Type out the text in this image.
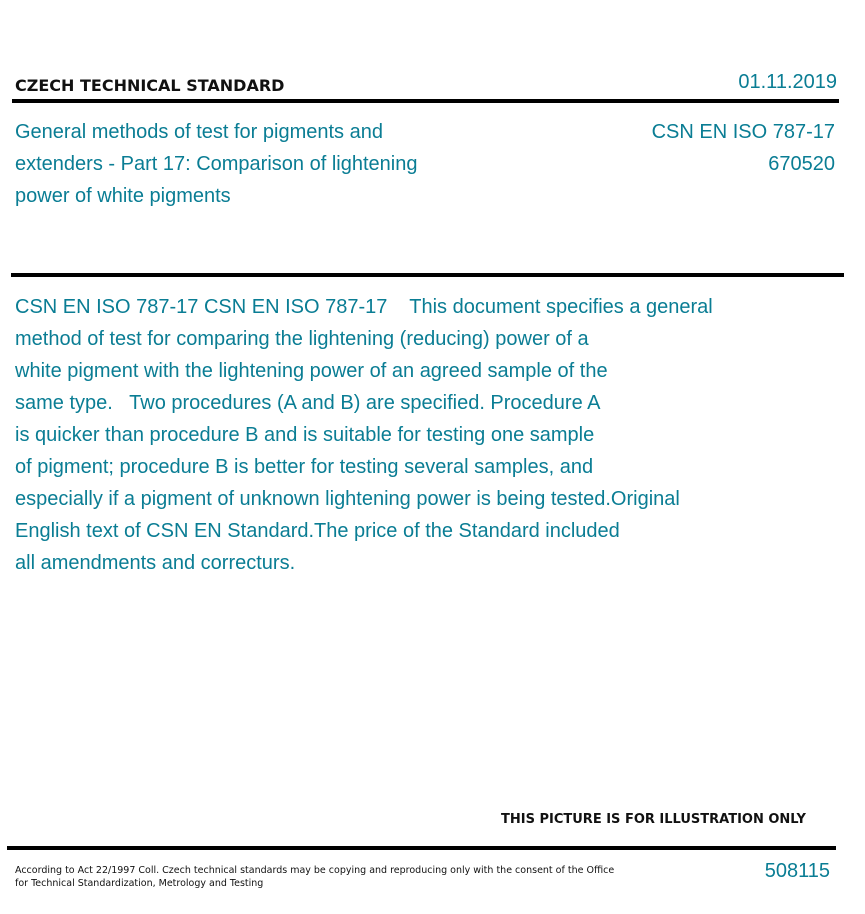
CZECH TECHNICAL STANDARD	01.11.2019
General methods of test for pigments and
extenders - Part 17: Comparison of lightening
power of white pigments
CSN EN ISO 787-17
670520
CSN EN ISO 787-17 CSN EN ISO 787-17    This document specifies a general
method of test for comparing the lightening (reducing) power of a
white pigment with the lightening power of an agreed sample of the
same type.   Two procedures (A and B) are specified. Procedure A
is quicker than procedure B and is suitable for testing one sample
of pigment; procedure B is better for testing several samples, and
especially if a pigment of unknown lightening power is being tested.Original
English text of CSN EN Standard.The price of the Standard included
all amendments and correcturs.
THIS PICTURE IS FOR ILLUSTRATION ONLY
According to Act 22/1997 Coll. Czech technical standards may be copying and reproducing only with the consent of the Office
for Technical Standardization, Metrology and Testing
508115
